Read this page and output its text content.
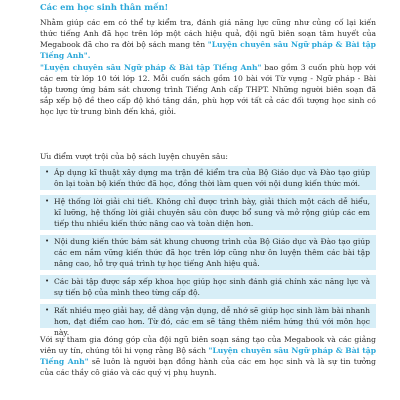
Các em học sinh thân mến!

Nhằm giúp các em có thể tự kiểm tra, đánh giá năng lực cũng như củng cố lại kiến thức tiếng Anh đã học trên lớp một cách hiệu quả, đội ngũ biên soạn tâm huyết của Megabook đã cho ra đời bộ sách mang tên "Luyện chuyên sâu Ngữ pháp & Bài tập Tiếng Anh".

"Luyện chuyên sâu Ngữ pháp & Bài tập Tiếng Anh" bao gồm 3 cuốn phù hợp với các em từ lớp 10 tới lớp 12. Mỗi cuốn sách gồm 10 bài với Từ vựng - Ngữ pháp - Bài tập tương ứng bám sát chương trình Tiếng Anh cấp THPT. Những người biên soạn đã sắp xếp bộ đề theo cấp độ khó tăng dần, phù hợp với tất cả các đối tượng học sinh có học lực từ trung bình đến khá, giỏi.

Ưu điểm vượt trội của bộ sách luyện chuyên sâu:

• Áp dụng kĩ thuật xây dựng ma trận đề kiểm tra của Bộ Giáo dục và Đào tạo giúp ôn lại toàn bộ kiến thức đã học, đồng thời làm quen với nội dung kiến thức mới.
• Hệ thống lời giải chi tiết. Không chỉ được trình bày, giải thích một cách dễ hiểu, kĩ lưỡng, hệ thống lời giải chuyên sâu còn được bổ sung và mở rộng giúp các em tiếp thu nhiều kiến thức nâng cao và toàn diện hơn.
• Nội dung kiến thức bám sát khung chương trình của Bộ Giáo dục và Đào tạo giúp các em nắm vững kiến thức đã học trên lớp cũng như ôn luyện thêm các bài tập nâng cao, hỗ trợ quá trình tự học tiếng Anh hiệu quả.
• Các bài tập được sắp xếp khoa học giúp học sinh đánh giá chính xác năng lực và sự tiến bộ của mình theo từng cấp độ.
• Rất nhiều mẹo giải hay, dễ dàng vận dụng, dễ nhớ sẽ giúp học sinh làm bài nhanh hơn, đạt điểm cao hơn. Từ đó, các em sẽ tăng thêm niềm hứng thú với môn học này.

Với sự tham gia đóng góp của đội ngũ biên soạn sáng tạo của Megabook và các giảng viên uy tín, chúng tôi hi vọng rằng Bộ sách "Luyện chuyên sâu Ngữ pháp & Bài tập Tiếng Anh" sẽ luôn là người bạn đồng hành của các em học sinh và là sự tin tưởng của các thầy cô giáo và các quý vị phụ huynh.
